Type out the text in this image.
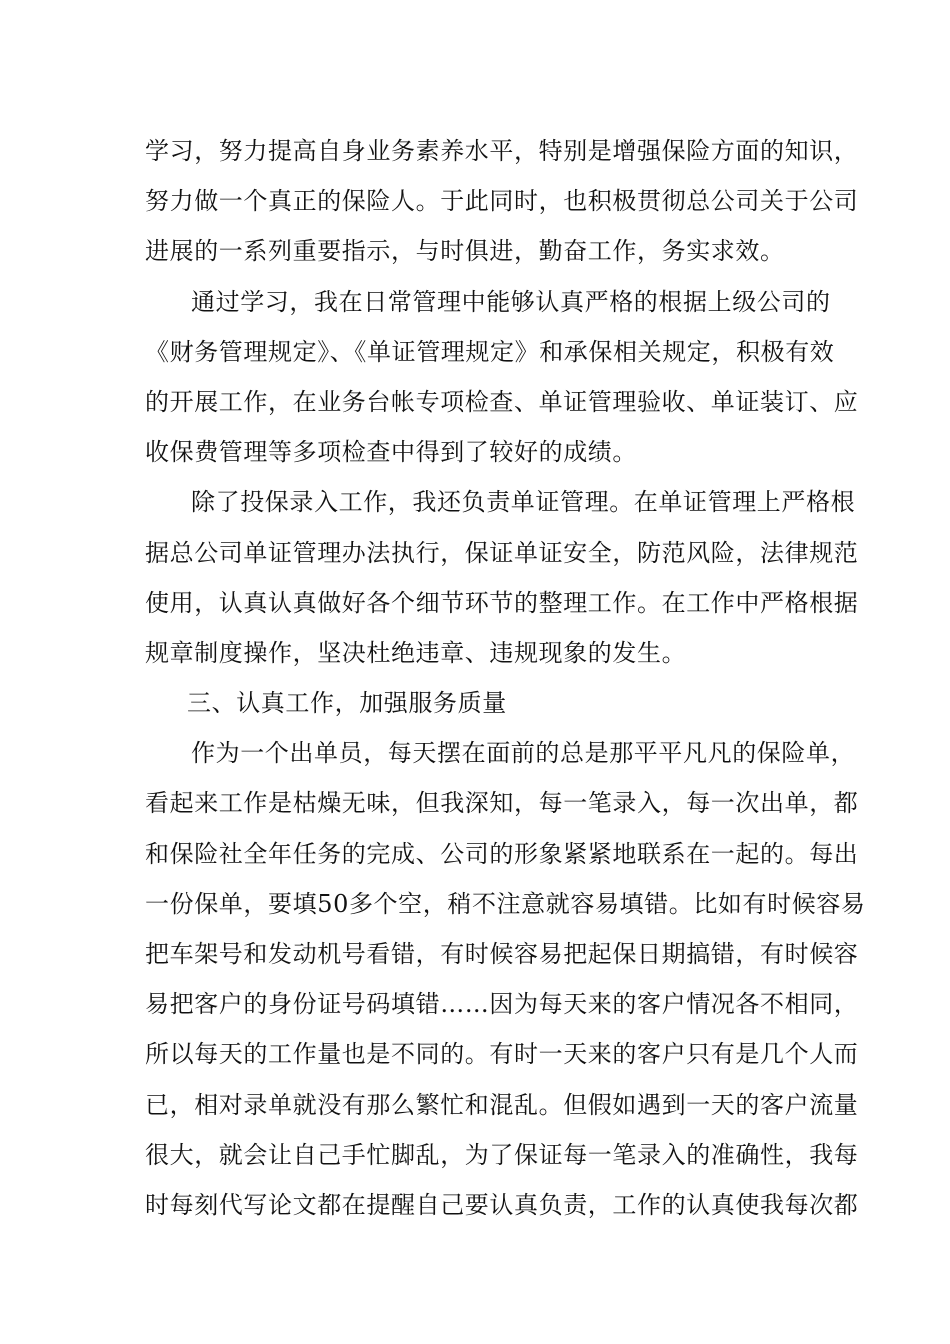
学习，努力提高自身业务素养水平，特别是增强保险方面的知识，
努力做一个真正的保险人。于此同时，也积极贯彻总公司关于公司
进展的一系列重要指示，与时俱进，勤奋工作，务实求效。
通过学习，我在日常管理中能够认真严格的根据上级公司的
《财务管理规定》、《单证管理规定》和承保相关规定，积极有效
的开展工作，在业务台帐专项检查、单证管理验收、单证装订、应
收保费管理等多项检查中得到了较好的成绩。
除了投保录入工作，我还负责单证管理。在单证管理上严格根
据总公司单证管理办法执行，保证单证安全，防范风险，法律规范
使用，认真认真做好各个细节环节的整理工作。在工作中严格根据
规章制度操作，坚决杜绝违章、违规现象的发生。
三、认真工作，加强服务质量
作为一个出单员，每天摆在面前的总是那平平凡凡的保险单，
看起来工作是枯燥无味，但我深知，每一笔录入，每一次出单，都
和保险社全年任务的完成、公司的形象紧紧地联系在一起的。每出
一份保单，要填50多个空，稍不注意就容易填错。比如有时候容易
把车架号和发动机号看错，有时候容易把起保日期搞错，有时候容
易把客户的身份证号码填错……因为每天来的客户情况各不相同，
所以每天的工作量也是不同的。有时一天来的客户只有是几个人而
已，相对录单就没有那么繁忙和混乱。但假如遇到一天的客户流量
很大，就会让自己手忙脚乱，为了保证每一笔录入的准确性，我每
时每刻代写论文都在提醒自己要认真负责，工作的认真使我每次都
